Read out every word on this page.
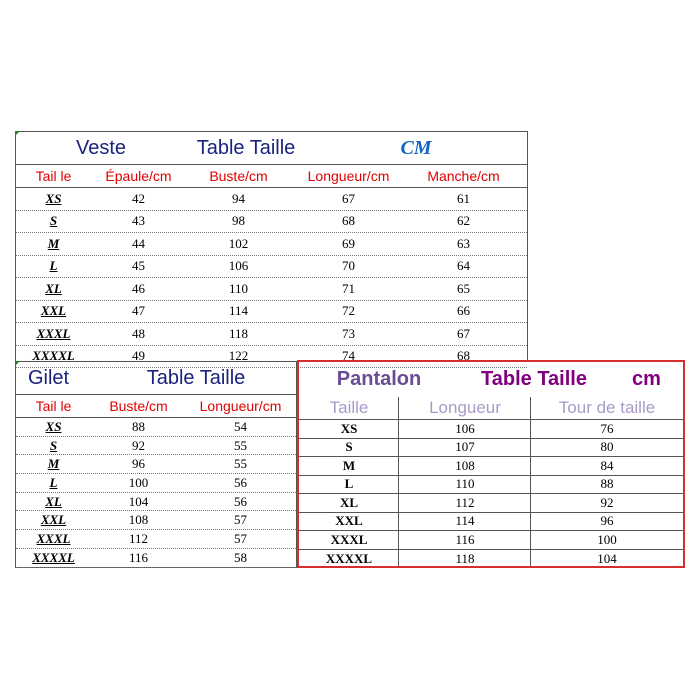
Veste	Table Taille	CM
Tail le	Épaule/cm	Buste/cm	Longueur/cm	Manche/cm
XS	42	94	67	61
S	43	98	68	62
M	44	102	69	63
L	45	106	70	64
XL	46	110	71	65
XXL	47	114	72	66
XXXL	48	118	73	67
XXXXL	49	122	74	68
Gilet	Table Taille
Tail le	Buste/cm	Longueur/cm
XS	88	54
S	92	55
M	96	55
L	100	56
XL	104	56
XXL	108	57
XXXL	112	57
XXXXL	116	58
Pantalon	Table Taille	cm
Taille	Longueur	Tour de taille
XS	106	76
S	107	80
M	108	84
L	110	88
XL	112	92
XXL	114	96
XXXL	116	100
XXXXL	118	104
